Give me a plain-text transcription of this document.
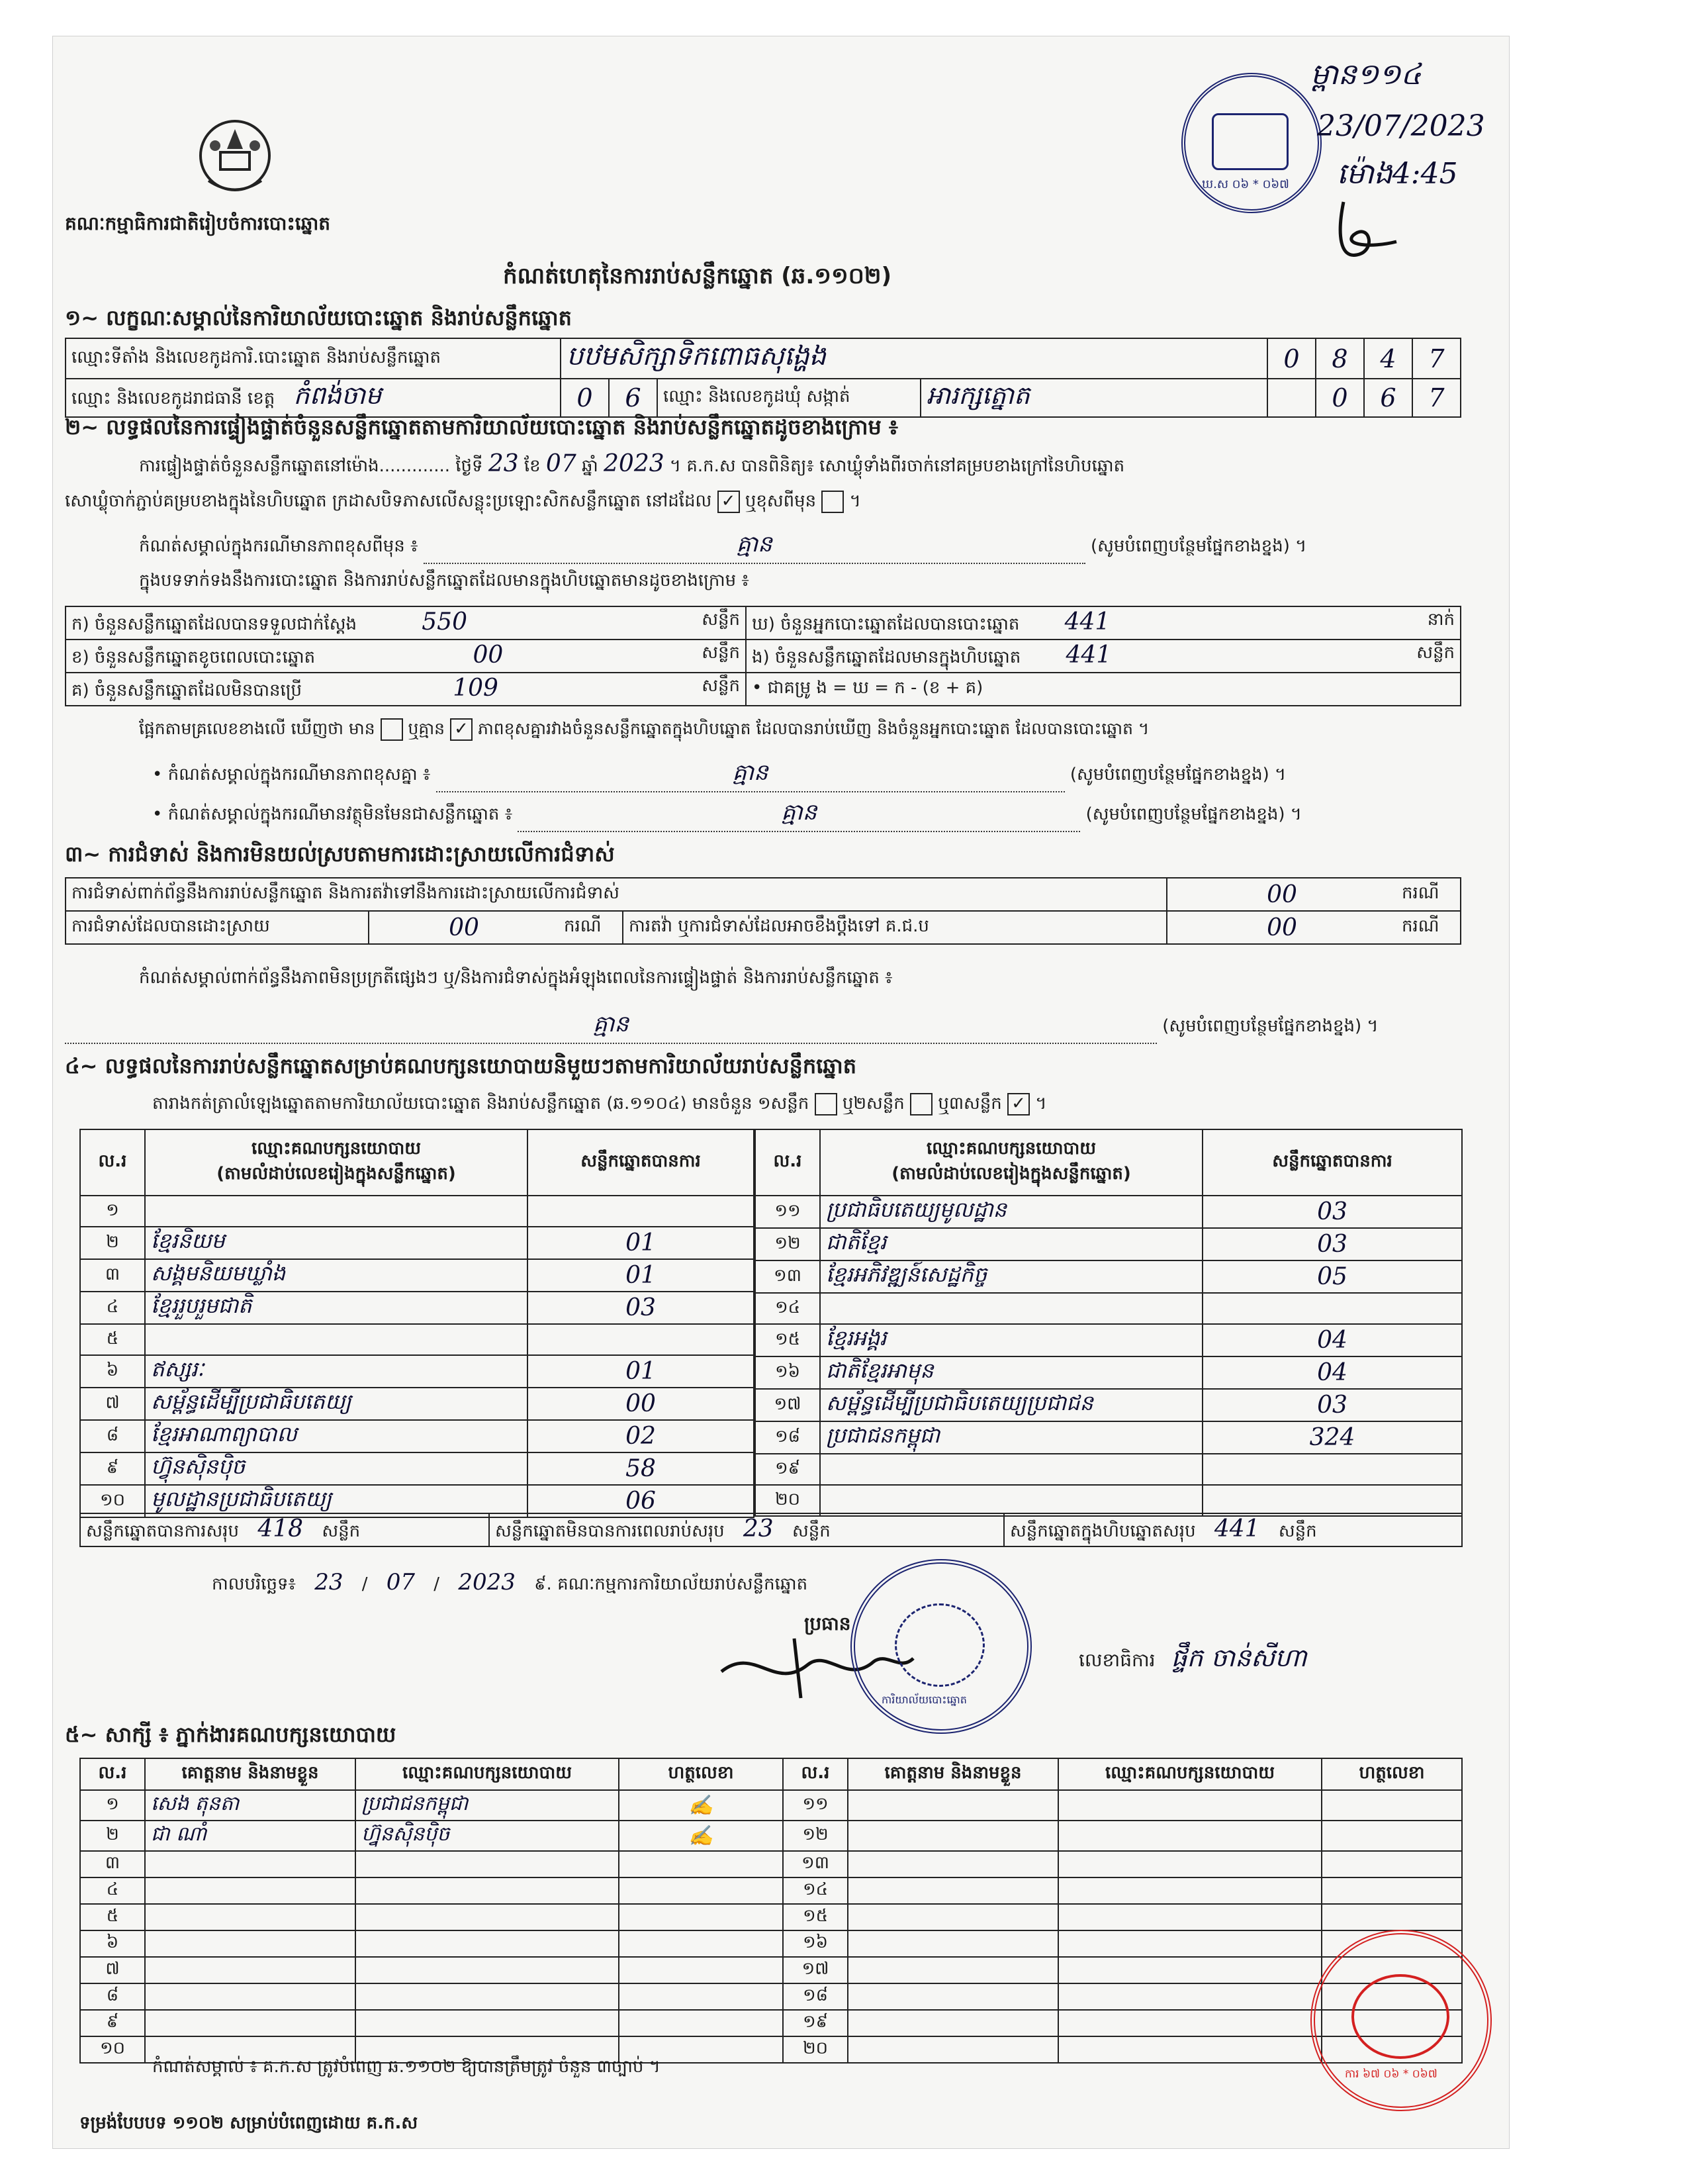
គណៈកម្មាធិការជាតិរៀបចំការបោះឆ្នោត
កំណត់ហេតុនៃការរាប់សន្លឹកឆ្នោត (ឆ.១១០២)
ឃ.ស ០៦ * ០៦៧
ម្ពាន១១៤
23/07/2023
ម៉ោង4:45
១~ លក្ខណៈសម្គាល់នៃការិយាល័យបោះឆ្នោត និងរាប់សន្លឹកឆ្នោត
ឈ្មោះទីតាំង និងលេខកូដការិ.បោះឆ្នោត និងរាប់សន្លឹកឆ្នោត	បឋមសិក្សាទិកពោធសុង្ហេង				0	8	4	7
ឈ្មោះ និងលេខកូដរាជធានី ខេត្ត កំពង់ចាម	0	6	ឈ្មោះ និងលេខកូដឃុំ សង្កាត់	អារក្សត្នោត		0	6	7
២~ លទ្ធផលនៃការផ្ទៀងផ្ទាត់ចំនួនសន្លឹកឆ្នោតតាមការិយាល័យបោះឆ្នោត និងរាប់សន្លឹកឆ្នោតដូចខាងក្រោម ៖
ការផ្ទៀងផ្ទាត់ចំនួនសន្លឹកឆ្នោតនៅម៉ោង............. ថ្ងៃទី 23 ខែ 07 ឆ្នាំ 2023 ។ គ.ក.ស បានពិនិត្យ៖ សោឃ្លុំទាំងពីរចាក់នៅគម្របខាងក្រៅនៃហិបឆ្នោត
សោឃ្លុំចាក់ភ្ជាប់គម្របខាងក្នុងនៃហិបឆ្នោត ក្រដាសបិទភាសលើសន្លុះប្រឡោះសិកសន្លឹកឆ្នោត នៅដដែល ✓ ឬខុសពីមុន  ។
កំណត់សម្គាល់ក្នុងករណីមានភាពខុសពីមុន ៖	គ្មាន	(សូមបំពេញបន្ថែមផ្នែកខាងខ្នង) ។
ក្នុងបទទាក់ទងនឹងការបោះឆ្នោត និងការរាប់សន្លឹកឆ្នោតដែលមានក្នុងហិបឆ្នោតមានដូចខាងក្រោម ៖
ក) ចំនួនសន្លឹកឆ្នោតដែលបានទទួលជាក់ស្តែង 550 សន្លឹក	ឃ) ចំនួនអ្នកបោះឆ្នោតដែលបានបោះឆ្នោត 441 នាក់

ខ) ចំនួនសន្លឹកឆ្នោតខូចពេលបោះឆ្នោត 00 សន្លឹក	ង) ចំនួនសន្លឹកឆ្នោតដែលមានក្នុងហិបឆ្នោត 441 សន្លឹក

គ) ចំនួនសន្លឹកឆ្នោតដែលមិនបានប្រើ 109 សន្លឹក	• ជាគម្រូ ង = ឃ = ក - (ខ + គ)
ផ្អែកតាមគ្រលេខខាងលើ ឃើញថា មាន ឬគ្មាន ✓ ភាពខុសគ្នារវាងចំនួនសន្លឹកឆ្នោតក្នុងហិបឆ្នោត ដែលបានរាប់ឃើញ និងចំនួនអ្នកបោះឆ្នោត ដែលបានបោះឆ្នោត ។
• កំណត់សម្គាល់ក្នុងករណីមានភាពខុសគ្នា ៖	គ្មាន	(សូមបំពេញបន្ថែមផ្នែកខាងខ្នង) ។
• កំណត់សម្គាល់ក្នុងករណីមានវត្ថុមិនមែនជាសន្លឹកឆ្នោត ៖	គ្មាន	(សូមបំពេញបន្ថែមផ្នែកខាងខ្នង) ។
៣~ ការជំទាស់ និងការមិនយល់ស្របតាមការដោះស្រាយលើការជំទាស់
ការជំទាស់ពាក់ព័ន្ធនឹងការរាប់សន្លឹកឆ្នោត និងការតវ៉ាទៅនឹងការដោះស្រាយលើការជំទាស់				00	ករណី
ការជំទាស់ដែលបានដោះស្រាយ	00	ករណី	ការតវ៉ា ឬការជំទាស់ដែលអាចខឹងប្តឹងទៅ គ.ជ.ប	00	ករណី
កំណត់សម្គាល់ពាក់ព័ន្ធនឹងភាពមិនប្រក្រតីផ្សេងៗ ឬ/និងការជំទាស់ក្នុងអំឡុងពេលនៃការផ្ទៀងផ្ទាត់ និងការរាប់សន្លឹកឆ្នោត ៖
គ្មាន	(សូមបំពេញបន្ថែមផ្នែកខាងខ្នង) ។
៤~ លទ្ធផលនៃការរាប់សន្លឹកឆ្នោតសម្រាប់គណបក្សនយោបាយនិមួយៗតាមការិយាល័យរាប់សន្លឹកឆ្នោត
តារាងកត់ត្រាលំឡេងឆ្នោតតាមការិយាល័យបោះឆ្នោត និងរាប់សន្លឹកឆ្នោត (ឆ.១១០៤) មានចំនួន ១សន្លឹក ឬ២សន្លឹក ឬ៣សន្លឹក ✓ ។
ល.រ	ឈ្មោះគណបក្សនយោបាយ
(តាមលំដាប់លេខរៀងក្នុងសន្លឹកឆ្នោត)	សន្លឹកឆ្នោតបានការ
១		
២	ខ្មែរនិយម	01
៣	សង្គមនិយមឃ្លាំង	01
៤	ខ្មែររួបរួមជាតិ	03
៥		
៦	ឥស្សរៈ	01
៧	សម្ព័ន្ធដើម្បីប្រជាធិបតេយ្យ	00
៨	ខ្មែរអាណាព្យាបាល	02
៩	ហ៊្វុនស៊ិនប៉ិច	58
១០	មូលដ្ឋានប្រជាធិបតេយ្យ	06
ល.រ	ឈ្មោះគណបក្សនយោបាយ
(តាមលំដាប់លេខរៀងក្នុងសន្លឹកឆ្នោត)	សន្លឹកឆ្នោតបានការ
១១	ប្រជាធិបតេយ្យមូលដ្ឋាន	03
១២	ជាតិខ្មែរ	03
១៣	ខ្មែរអភិវឌ្ឍន៍សេដ្ឋកិច្ច	05
១៤		
១៥	ខ្មែរអង្គរ	04
១៦	ជាតិខ្មែរអាមុន	04
១៧	សម្ព័ន្ធដើម្បីប្រជាធិបតេយ្យប្រជាជន	03
១៨	ប្រជាជនកម្ពុជា	324
១៩		
២០		
សន្លឹកឆ្នោតបានការសរុប 418 សន្លឹក	សន្លឹកឆ្នោតមិនបានការពេលរាប់សរុប 23 សន្លឹក	សន្លឹកឆ្នោតក្នុងហិបឆ្នោតសរុប 441 សន្លឹក
កាលបរិច្ឆេទ៖ 23 / 07 / 2023 ៩. គណៈកម្មការការិយាល័យរាប់សន្លឹកឆ្នោត
ប្រធាន
ការិយាល័យបោះឆ្នោត
លេខាធិការ ផ្ទឹក ចាន់សីហា
៥~ សាក្សី ៖ ភ្នាក់ងារគណបក្សនយោបាយ
ល.រ	គោត្តនាម និងនាមខ្លួន	ឈ្មោះគណបក្សនយោបាយ	ហត្ថលេខា	ល.រ	គោត្តនាម និងនាមខ្លួន	ឈ្មោះគណបក្សនយោបាយ	ហត្ថលេខា
១	សេង តុនតា	ប្រជាជនកម្ពុជា	✍	១១			
២	ជា ណាំ	ហ្វ៊ុនស៊ិនប៉ិច	✍	១២			
៣				១៣			
៤				១៤			
៥				១៥			
៦				១៦			
៧				១៧			
៨				១៨			
៩				១៩			
១០				២០			
ការ ៦៧ ០៦ * ០៦៧
កំណត់សម្គាល់ ៖ គ.ក.ស ត្រូវបំពេញ ឆ.១១០២ ឱ្យបានត្រឹមត្រូវ ចំនួន ៣ច្បាប់ ។
ទម្រង់បែបបទ ១១០២ សម្រាប់បំពេញដោយ គ.ក.ស
